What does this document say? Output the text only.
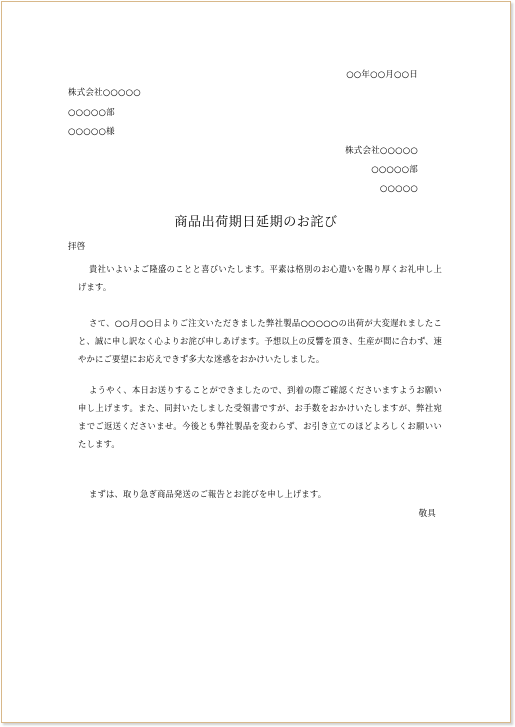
○○年○○月○○日
株式会社○○○○○
○○○○○部
○○○○○様
株式会社○○○○○
○○○○○部
○○○○○
商品出荷期日延期のお詫び
拝啓
貴社いよいよご隆盛のことと喜びいたします。平素は格別のお心遣いを賜り厚くお礼申し上げます。
さて、○○月○○日よりご注文いただきました弊社製品○○○○○の出荷が大変遅れましたこと、誠に申し訳なく心よりお詫び申しあげます。予想以上の反響を頂き、生産が間に合わず、速やかにご要望にお応えできず多大な迷惑をおかけいたしました。
ようやく、本日お送りすることができましたので、到着の際ご確認くださいますようお願い申し上げます。また、同封いたしました受領書ですが、お手数をおかけいたしますが、弊社宛までご返送くださいませ。今後とも弊社製品を変わらず、お引き立てのほどよろしくお願いいたします。
まずは、取り急ぎ商品発送のご報告とお詫びを申し上げます。
敬具
